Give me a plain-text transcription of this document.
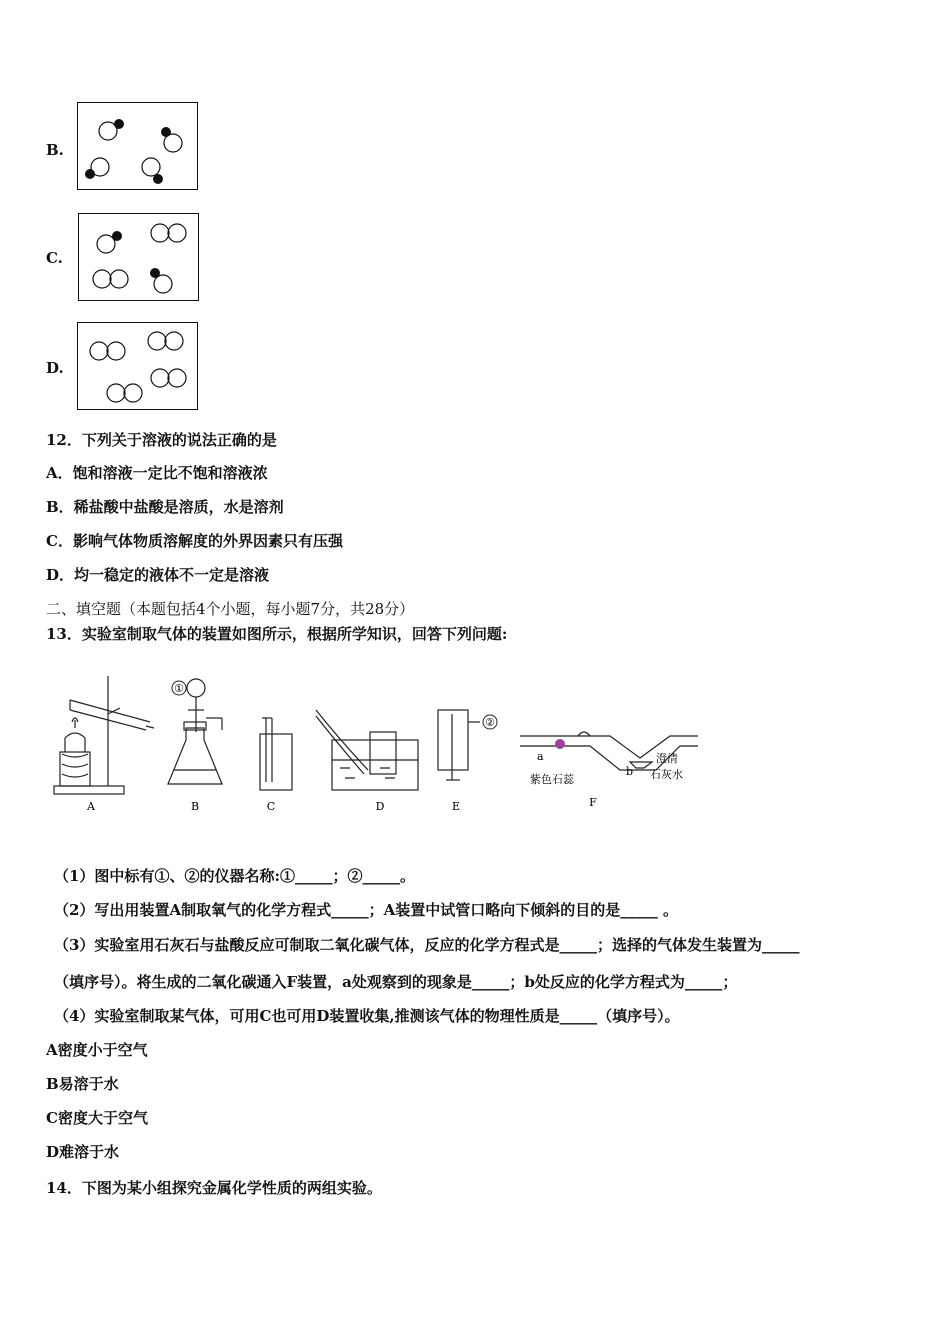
B.
C.
D.
12．下列关于溶液的说法正确的是
A．饱和溶液一定比不饱和溶液浓
B．稀盐酸中盐酸是溶质，水是溶剂
C．影响气体物质溶解度的外界因素只有压强
D．均一稳定的液体不一定是溶液
二、填空题（本题包括4个小题，每小题7分，共28分）
13．实验室制取气体的装置如图所示，根据所学知识，回答下列问题:
①
②
a
紫色石蕊
b
澄清
石灰水
A	B	C	D	E	F
（1）图中标有①、②的仪器名称:①_____；②_____。
（2）写出用装置A制取氧气的化学方程式_____；A装置中试管口略向下倾斜的目的是_____ 。
（3）实验室用石灰石与盐酸反应可制取二氧化碳气体，反应的化学方程式是_____；选择的气体发生装置为_____
（填序号）。将生成的二氧化碳通入F装置，a处观察到的现象是_____；b处反应的化学方程式为_____；
（4）实验室制取某气体，可用C也可用D装置收集,推测该气体的物理性质是_____（填序号）。
A密度小于空气
B易溶于水
C密度大于空气
D难溶于水
14．下图为某小组探究金属化学性质的两组实验。
